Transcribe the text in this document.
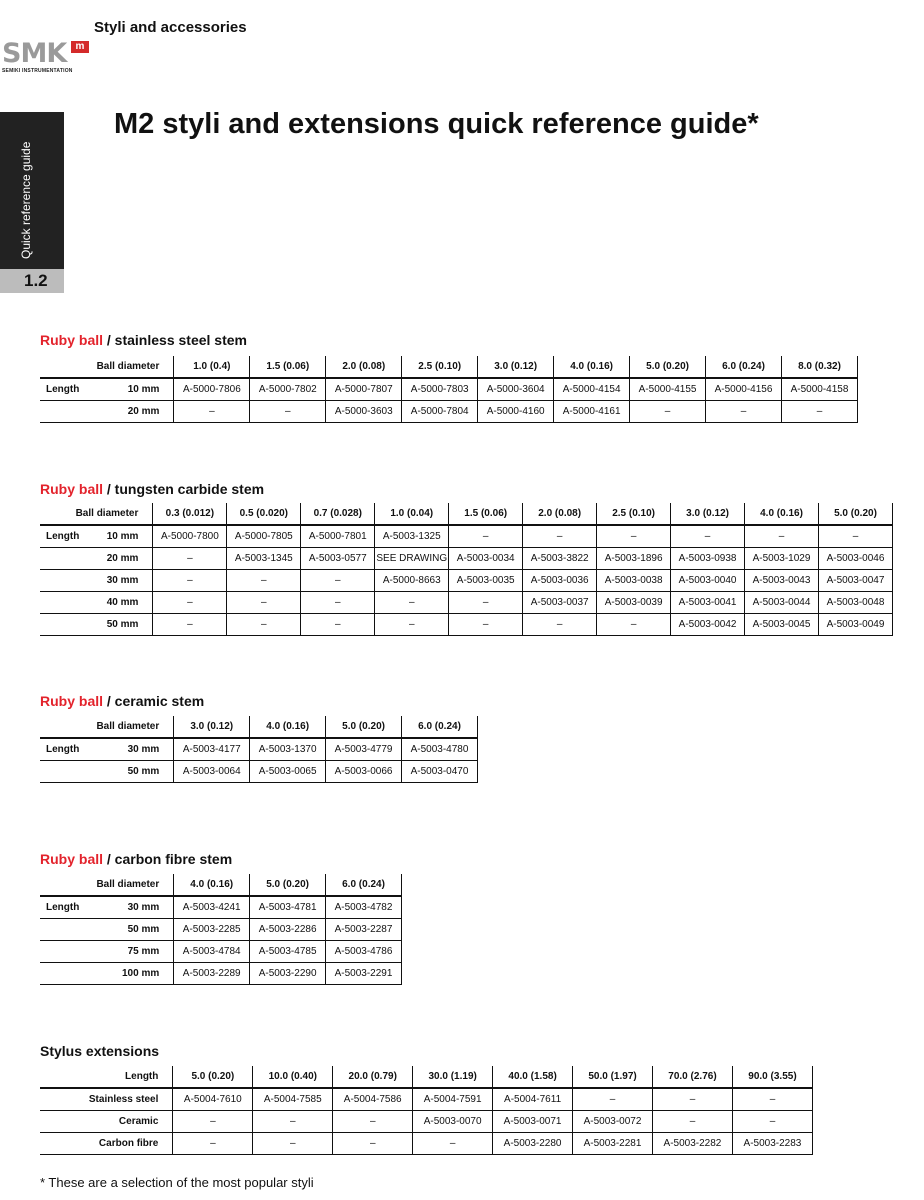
Styli and accessories
SMK m
SEMIKI INSTRUMENTATION
Quick reference guide
1.2
M2 styli and extensions quick reference guide*
Ruby ball / stainless steel stem
Ball diameter		1.0 (0.4)	1.5 (0.06)	2.0 (0.08)	2.5 (0.10)	3.0 (0.12)	4.0 (0.16)	5.0 (0.20)	6.0 (0.24)	8.0 (0.32)
Length	10 mm	A-5000-7806	A-5000-7802	A-5000-7807	A-5000-7803	A-5000-3604	A-5000-4154	A-5000-4155	A-5000-4156	A-5000-4158
	20 mm	–	–	A-5000-3603	A-5000-7804	A-5000-4160	A-5000-4161	–	–	–
Ruby ball / tungsten carbide stem
Ball diameter		0.3 (0.012)	0.5 (0.020)	0.7 (0.028)	1.0 (0.04)	1.5 (0.06)	2.0 (0.08)	2.5 (0.10)	3.0 (0.12)	4.0 (0.16)	5.0 (0.20)
Length	10 mm	A-5000-7800	A-5000-7805	A-5000-7801	A-5003-1325	–	–	–	–	–	–
	20 mm	–	A-5003-1345	A-5003-0577	SEE DRAWING	A-5003-0034	A-5003-3822	A-5003-1896	A-5003-0938	A-5003-1029	A-5003-0046
	30 mm	–	–	–	A-5000-8663	A-5003-0035	A-5003-0036	A-5003-0038	A-5003-0040	A-5003-0043	A-5003-0047
	40 mm	–	–	–	–	–	A-5003-0037	A-5003-0039	A-5003-0041	A-5003-0044	A-5003-0048
	50 mm	–	–	–	–	–	–	–	A-5003-0042	A-5003-0045	A-5003-0049
Ruby ball / ceramic stem
Ball diameter		3.0 (0.12)	4.0 (0.16)	5.0 (0.20)	6.0 (0.24)
Length	30 mm	A-5003-4177	A-5003-1370	A-5003-4779	A-5003-4780
	50 mm	A-5003-0064	A-5003-0065	A-5003-0066	A-5003-0470
Ruby ball / carbon fibre stem
Ball diameter		4.0 (0.16)	5.0 (0.20)	6.0 (0.24)
Length	30 mm	A-5003-4241	A-5003-4781	A-5003-4782
	50 mm	A-5003-2285	A-5003-2286	A-5003-2287
	75 mm	A-5003-4784	A-5003-4785	A-5003-4786
	100 mm	A-5003-2289	A-5003-2290	A-5003-2291
Stylus extensions
Length	5.0 (0.20)	10.0 (0.40)	20.0 (0.79)	30.0 (1.19)	40.0 (1.58)	50.0 (1.97)	70.0 (2.76)	90.0 (3.55)
Stainless steel	A-5004-7610	A-5004-7585	A-5004-7586	A-5004-7591	A-5004-7611	–	–	–
Ceramic	–	–	–	A-5003-0070	A-5003-0071	A-5003-0072	–	–
Carbon fibre	–	–	–	–	A-5003-2280	A-5003-2281	A-5003-2282	A-5003-2283
* These are a selection of the most popular styli
